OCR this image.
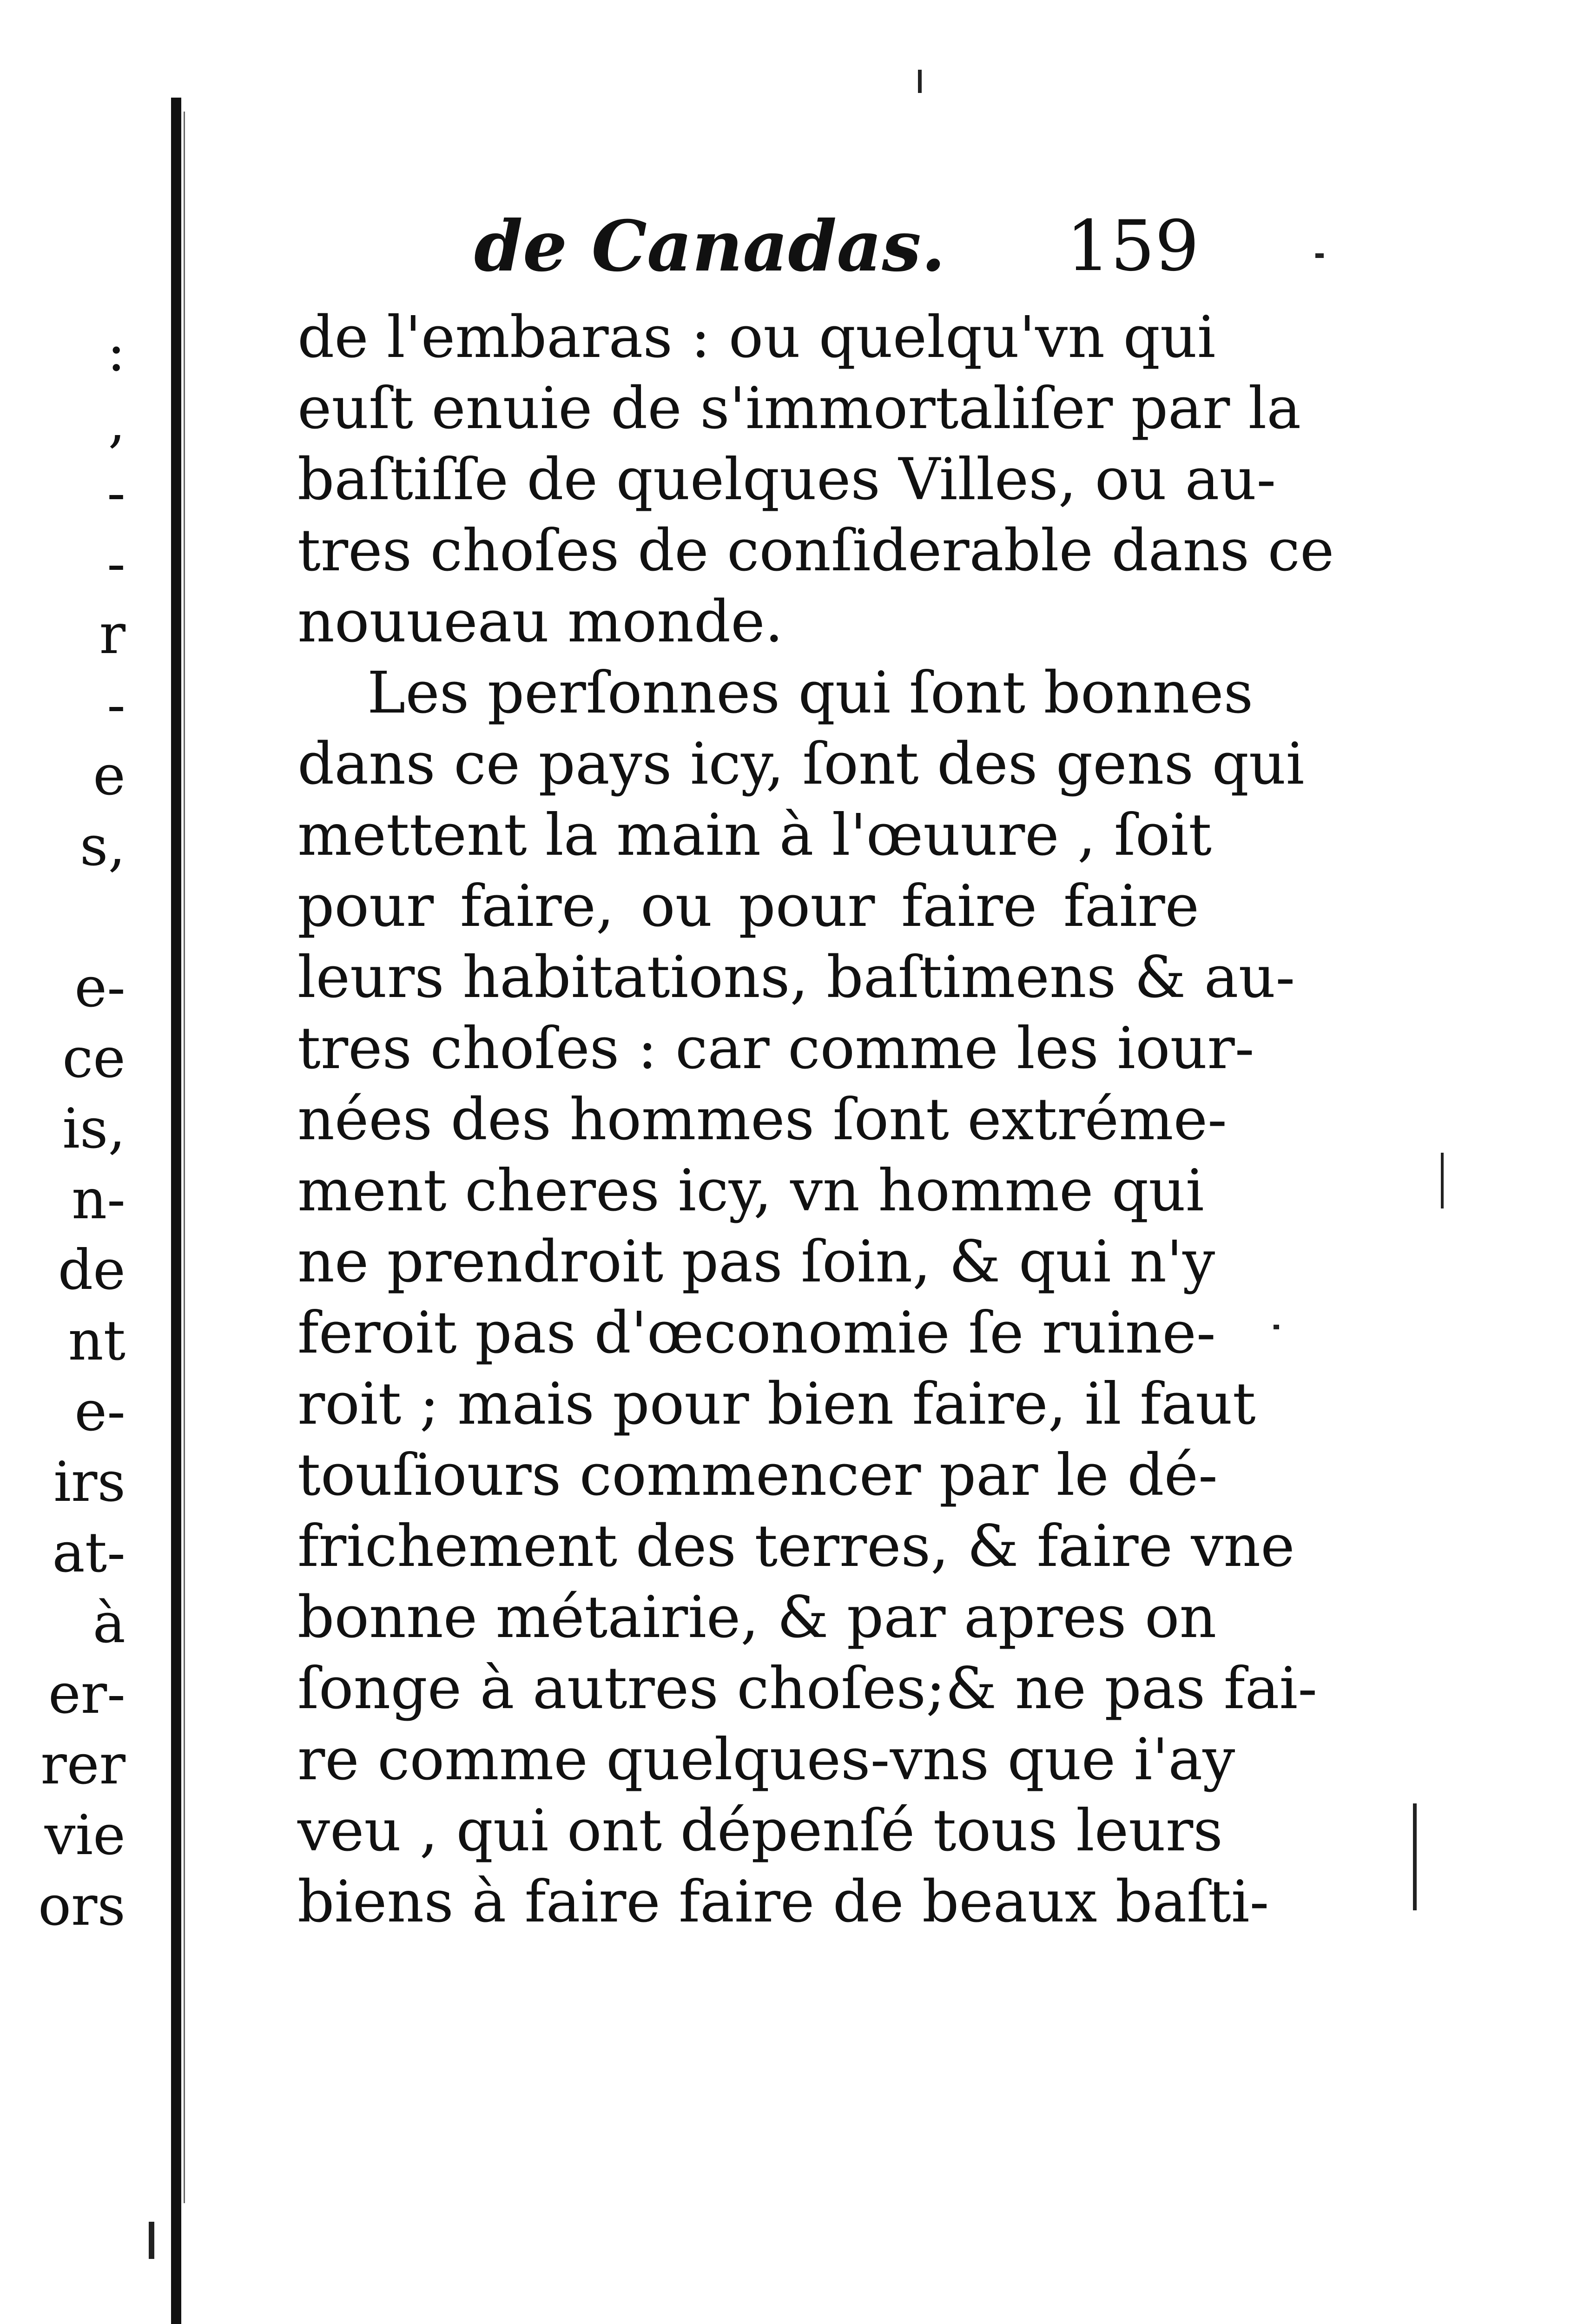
:
,
-
-
r
-
e
s,
e-
ce
is,
n-
de
nt
e-
irs
at-
à
er-
rer
vie
ors
de Canadas. 159
de l'embaras : ou quelqu'vn qui
euſt enuie de s'immortaliſer par la
baſtiſſe de quelques Villes, ou au-
tres choſes de conſiderable dans ce
nouueau monde.
Les perſonnes qui ſont bonnes
dans ce pays icy, ſont des gens qui
mettent la main à l'œuure , ſoit
pour faire, ou pour faire faire
leurs habitations, baſtimens & au-
tres choſes : car comme les iour-
nées des hommes ſont extréme-
ment cheres icy, vn homme qui
ne prendroit pas ſoin, & qui n'y
feroit pas d'œconomie ſe ruine-
roit ; mais pour bien faire, il faut
touſiours commencer par le dé-
frichement des terres, & faire vne
bonne métairie, & par apres on
ſonge à autres choſes;& ne pas fai-
re comme quelques-vns que i'ay
veu , qui ont dépenſé tous leurs
biens à faire faire de beaux baſti-
